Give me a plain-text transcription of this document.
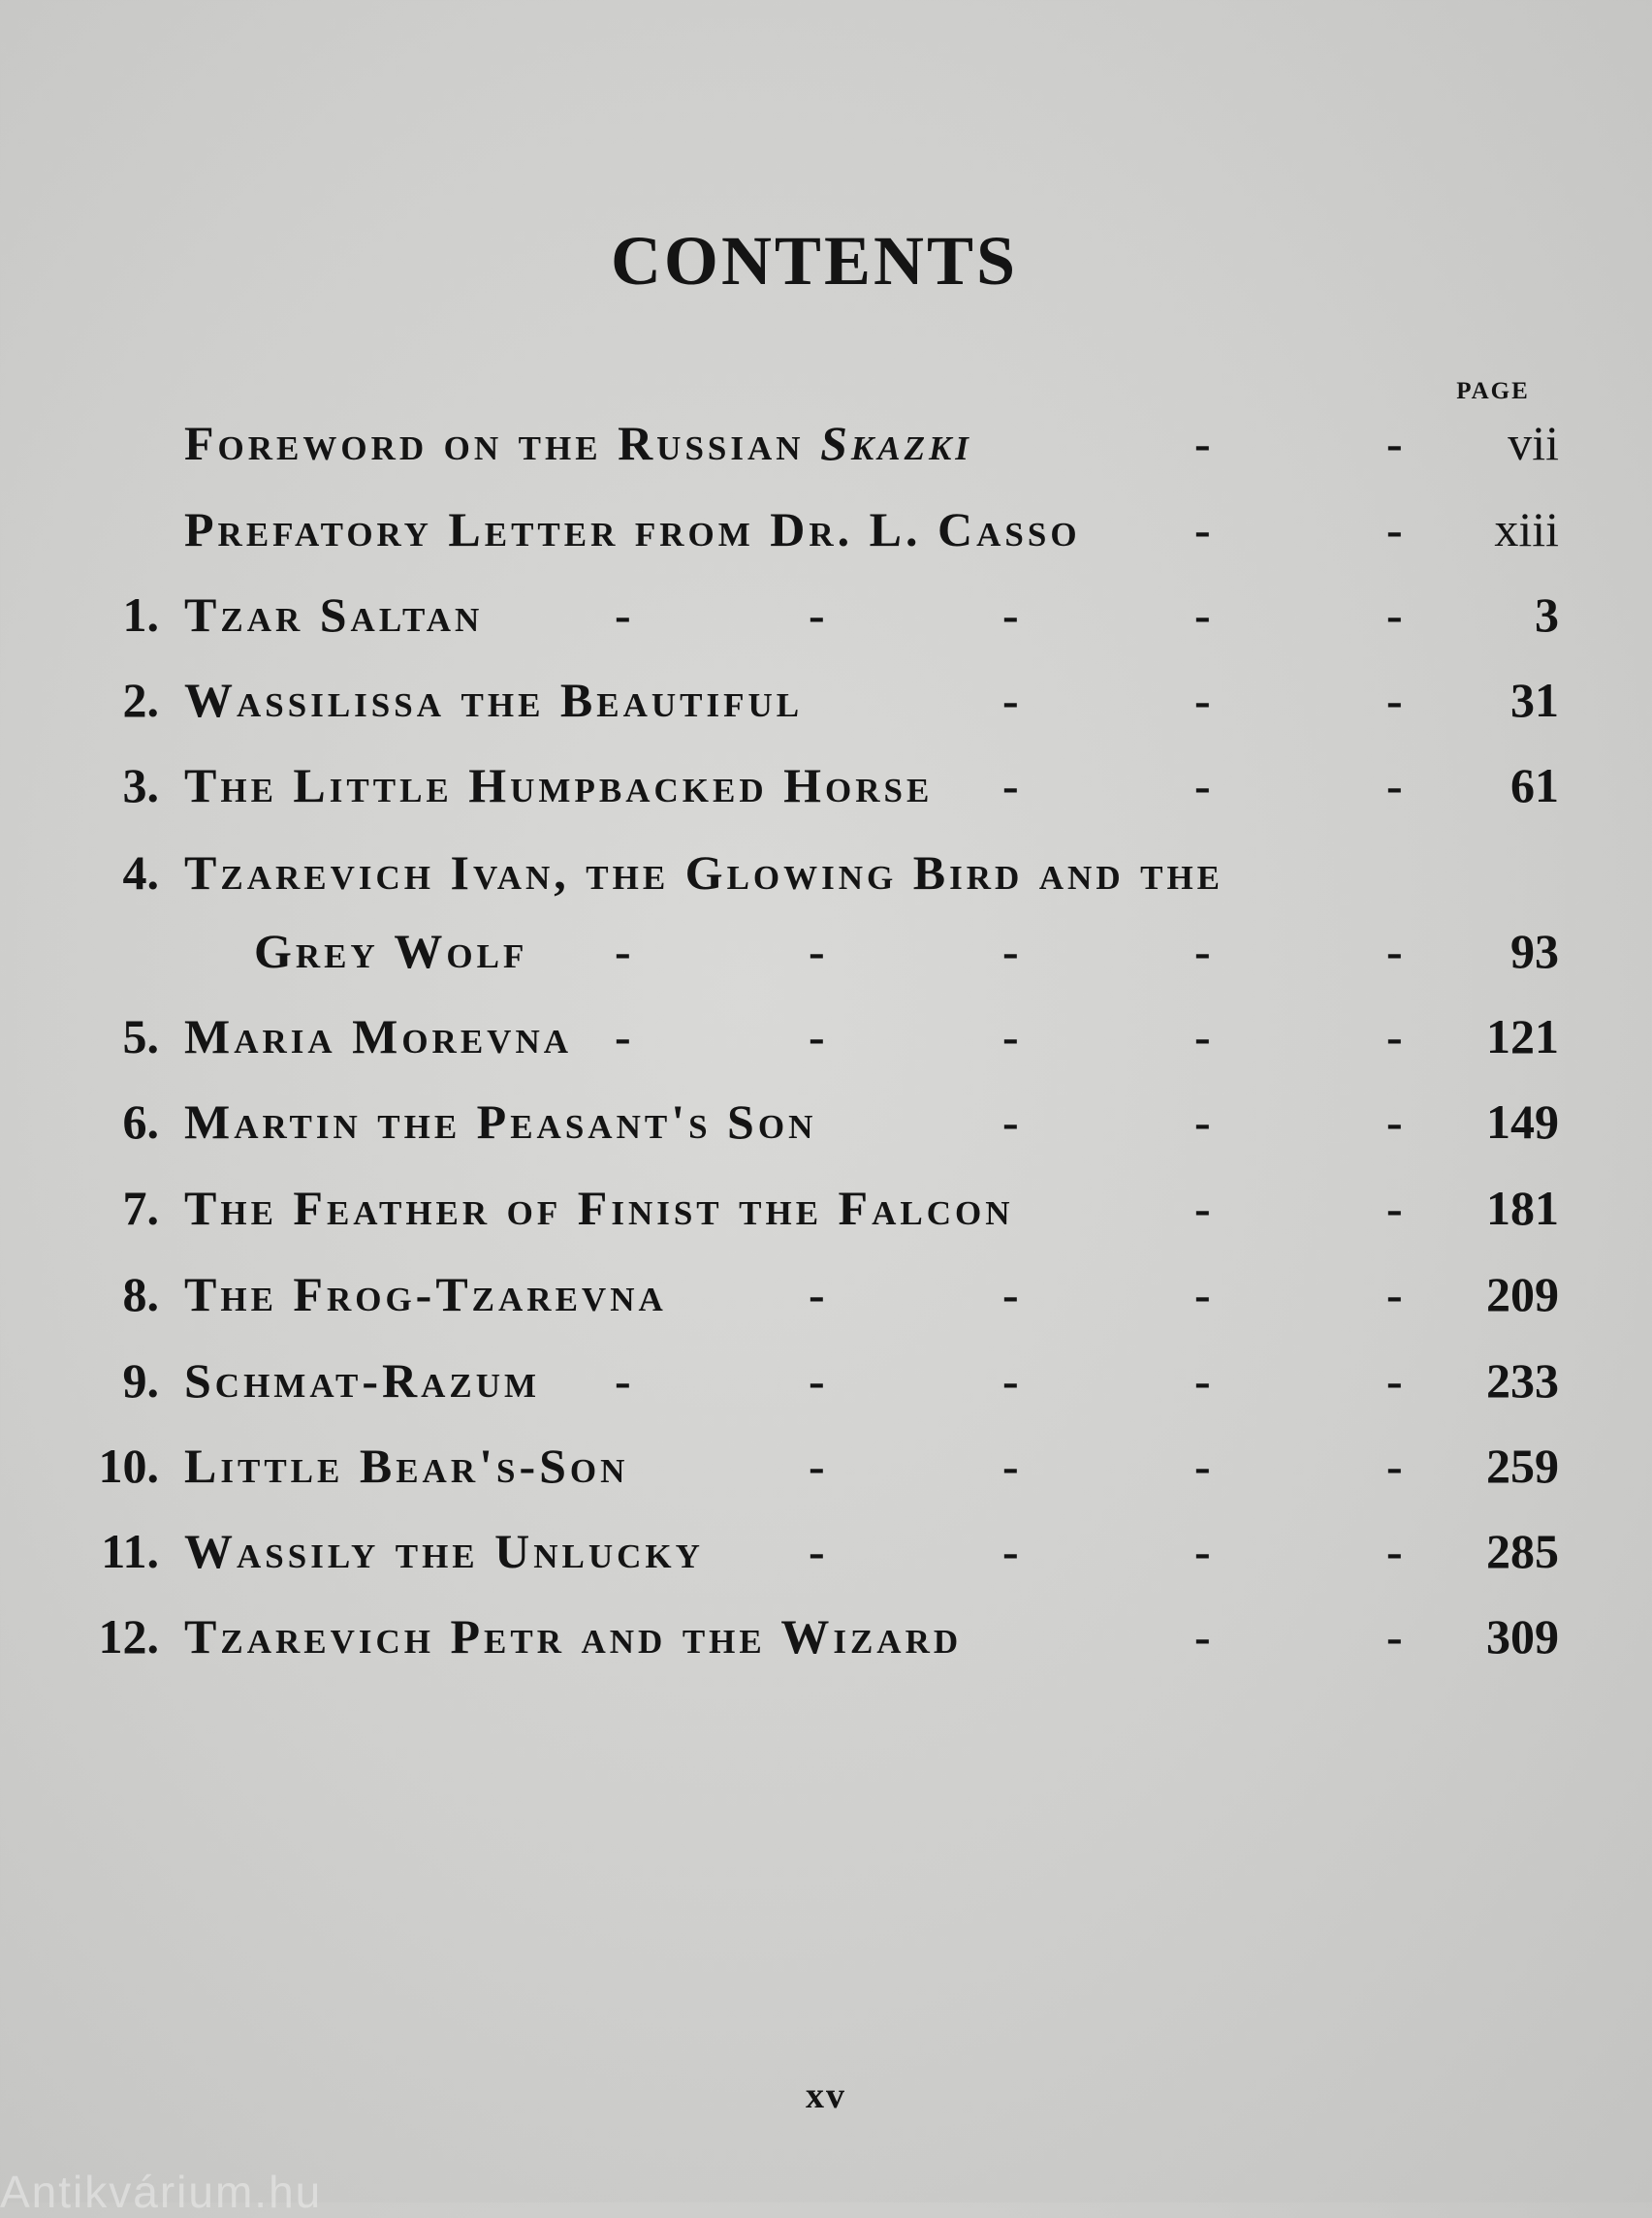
CONTENTS
PAGE
Foreword on the Russian Skazki	-	- vii
Prefatory Letter from Dr. L. Casso -	- xiii
1. Tzar Saltan	-	-	-	-	-	3
2. Wassilissa the Beautiful	-	-	- 31
3. The Little Humpbacked Horse -	-	- 61
4. Tzarevich Ivan, the Glowing Bird and the
Grey Wolf -	-	-	-	- 93
5. Maria Morevna -	-	-	-	- 121
6. Martin the Peasant's Son	-	-	- 149
7. The Feather of Finist the Falcon	-	- 181
8. The Frog-Tzarevna	-	-	-	- 209
9. Schmat-Razum -	-	-	-	- 233
10. Little Bear's-Son	-	-	-	- 259
11. Wassily the Unlucky -	-	-	- 285
12. Tzarevich Petr and the Wizard	-	- 309
xv
Antikvárium.hu
